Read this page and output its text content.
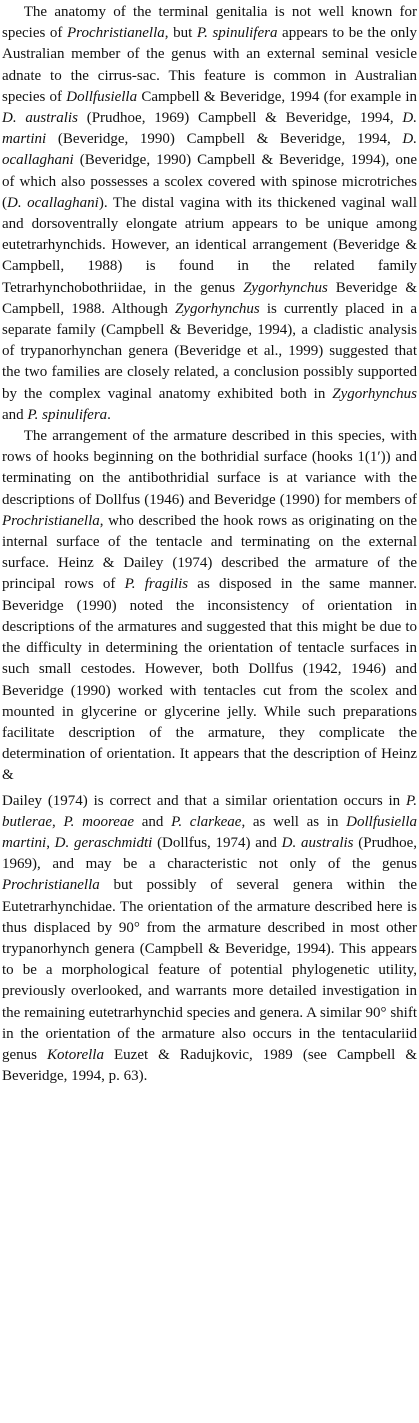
The anatomy of the terminal genitalia is not well known for species of Prochristianella, but P. spinulifera appears to be the only Australian member of the genus with an external seminal vesicle adnate to the cirrus-sac. This feature is common in Australian species of Dollfusiella Campbell & Beveridge, 1994 (for example in D. australis (Prudhoe, 1969) Campbell & Beveridge, 1994, D. martini (Beveridge, 1990) Campbell & Beveridge, 1994, D. ocallaghani (Beveridge, 1990) Campbell & Beveridge, 1994), one of which also possesses a scolex covered with spinose microtriches (D. ocallaghani). The distal vagina with its thickened vaginal wall and dorsoventrally elongate atrium appears to be unique among eutetrarhynchids. However, an identical arrangement (Beveridge & Campbell, 1988) is found in the related family Tetrarhynchobothriidae, in the genus Zygorhynchus Beveridge & Campbell, 1988. Although Zygorhynchus is currently placed in a separate family (Campbell & Beveridge, 1994), a cladistic analysis of trypanorhynchan genera (Beveridge et al., 1999) suggested that the two families are closely related, a conclusion possibly supported by the complex vaginal anatomy exhibited both in Zygorhynchus and P. spinulifera.

The arrangement of the armature described in this species, with rows of hooks beginning on the bothridial surface (hooks 1(1′)) and terminating on the antibothridial surface is at variance with the descriptions of Dollfus (1946) and Beveridge (1990) for members of Prochristianella, who described the hook rows as originating on the internal surface of the tentacle and terminating on the external surface. Heinz & Dailey (1974) described the armature of the principal rows of P. fragilis as disposed in the same manner. Beveridge (1990) noted the inconsistency of orientation in descriptions of the armatures and suggested that this might be due to the difficulty in determining the orientation of tentacle surfaces in such small cestodes. However, both Dollfus (1942, 1946) and Beveridge (1990) worked with tentacles cut from the scolex and mounted in glycerine or glycerine jelly. While such preparations facilitate description of the armature, they complicate the determination of orientation. It appears that the description of Heinz &

Dailey (1974) is correct and that a similar orientation occurs in P. butlerae, P. mooreae and P. clarkeae, as well as in Dollfusiella martini, D. geraschmidti (Dollfus, 1974) and D. australis (Prudhoe, 1969), and may be a characteristic not only of the genus Prochristianella but possibly of several genera within the Eutetrarhynchidae. The orientation of the armature described here is thus displaced by 90° from the armature described in most other trypanorhynch genera (Campbell & Beveridge, 1994). This appears to be a morphological feature of potential phylogenetic utility, previously overlooked, and warrants more detailed investigation in the remaining eutetrarhynchid species and genera. A similar 90° shift in the orientation of the armature also occurs in the tentaculariid genus Kotorella Euzet & Radujkovic, 1989 (see Campbell & Beveridge, 1994, p. 63).
